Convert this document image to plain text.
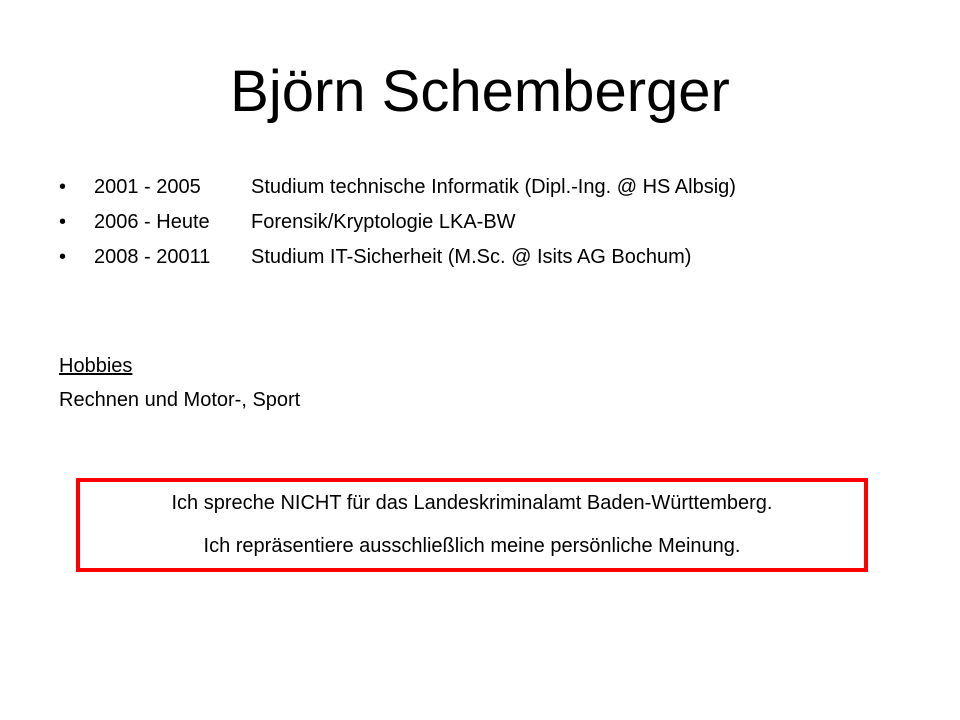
Björn Schemberger
•	2001 - 2005	Studium technische Informatik (Dipl.-Ing. @ HS Albsig)
•	2006 - Heute	Forensik/Kryptologie LKA-BW
•	2008 - 20011	Studium IT-Sicherheit (M.Sc. @ Isits AG Bochum)

Hobbies

Rechnen und Motor-, Sport

Ich spreche NICHT für das Landeskriminalamt Baden-Württemberg.

Ich repräsentiere ausschließlich meine persönliche Meinung.
